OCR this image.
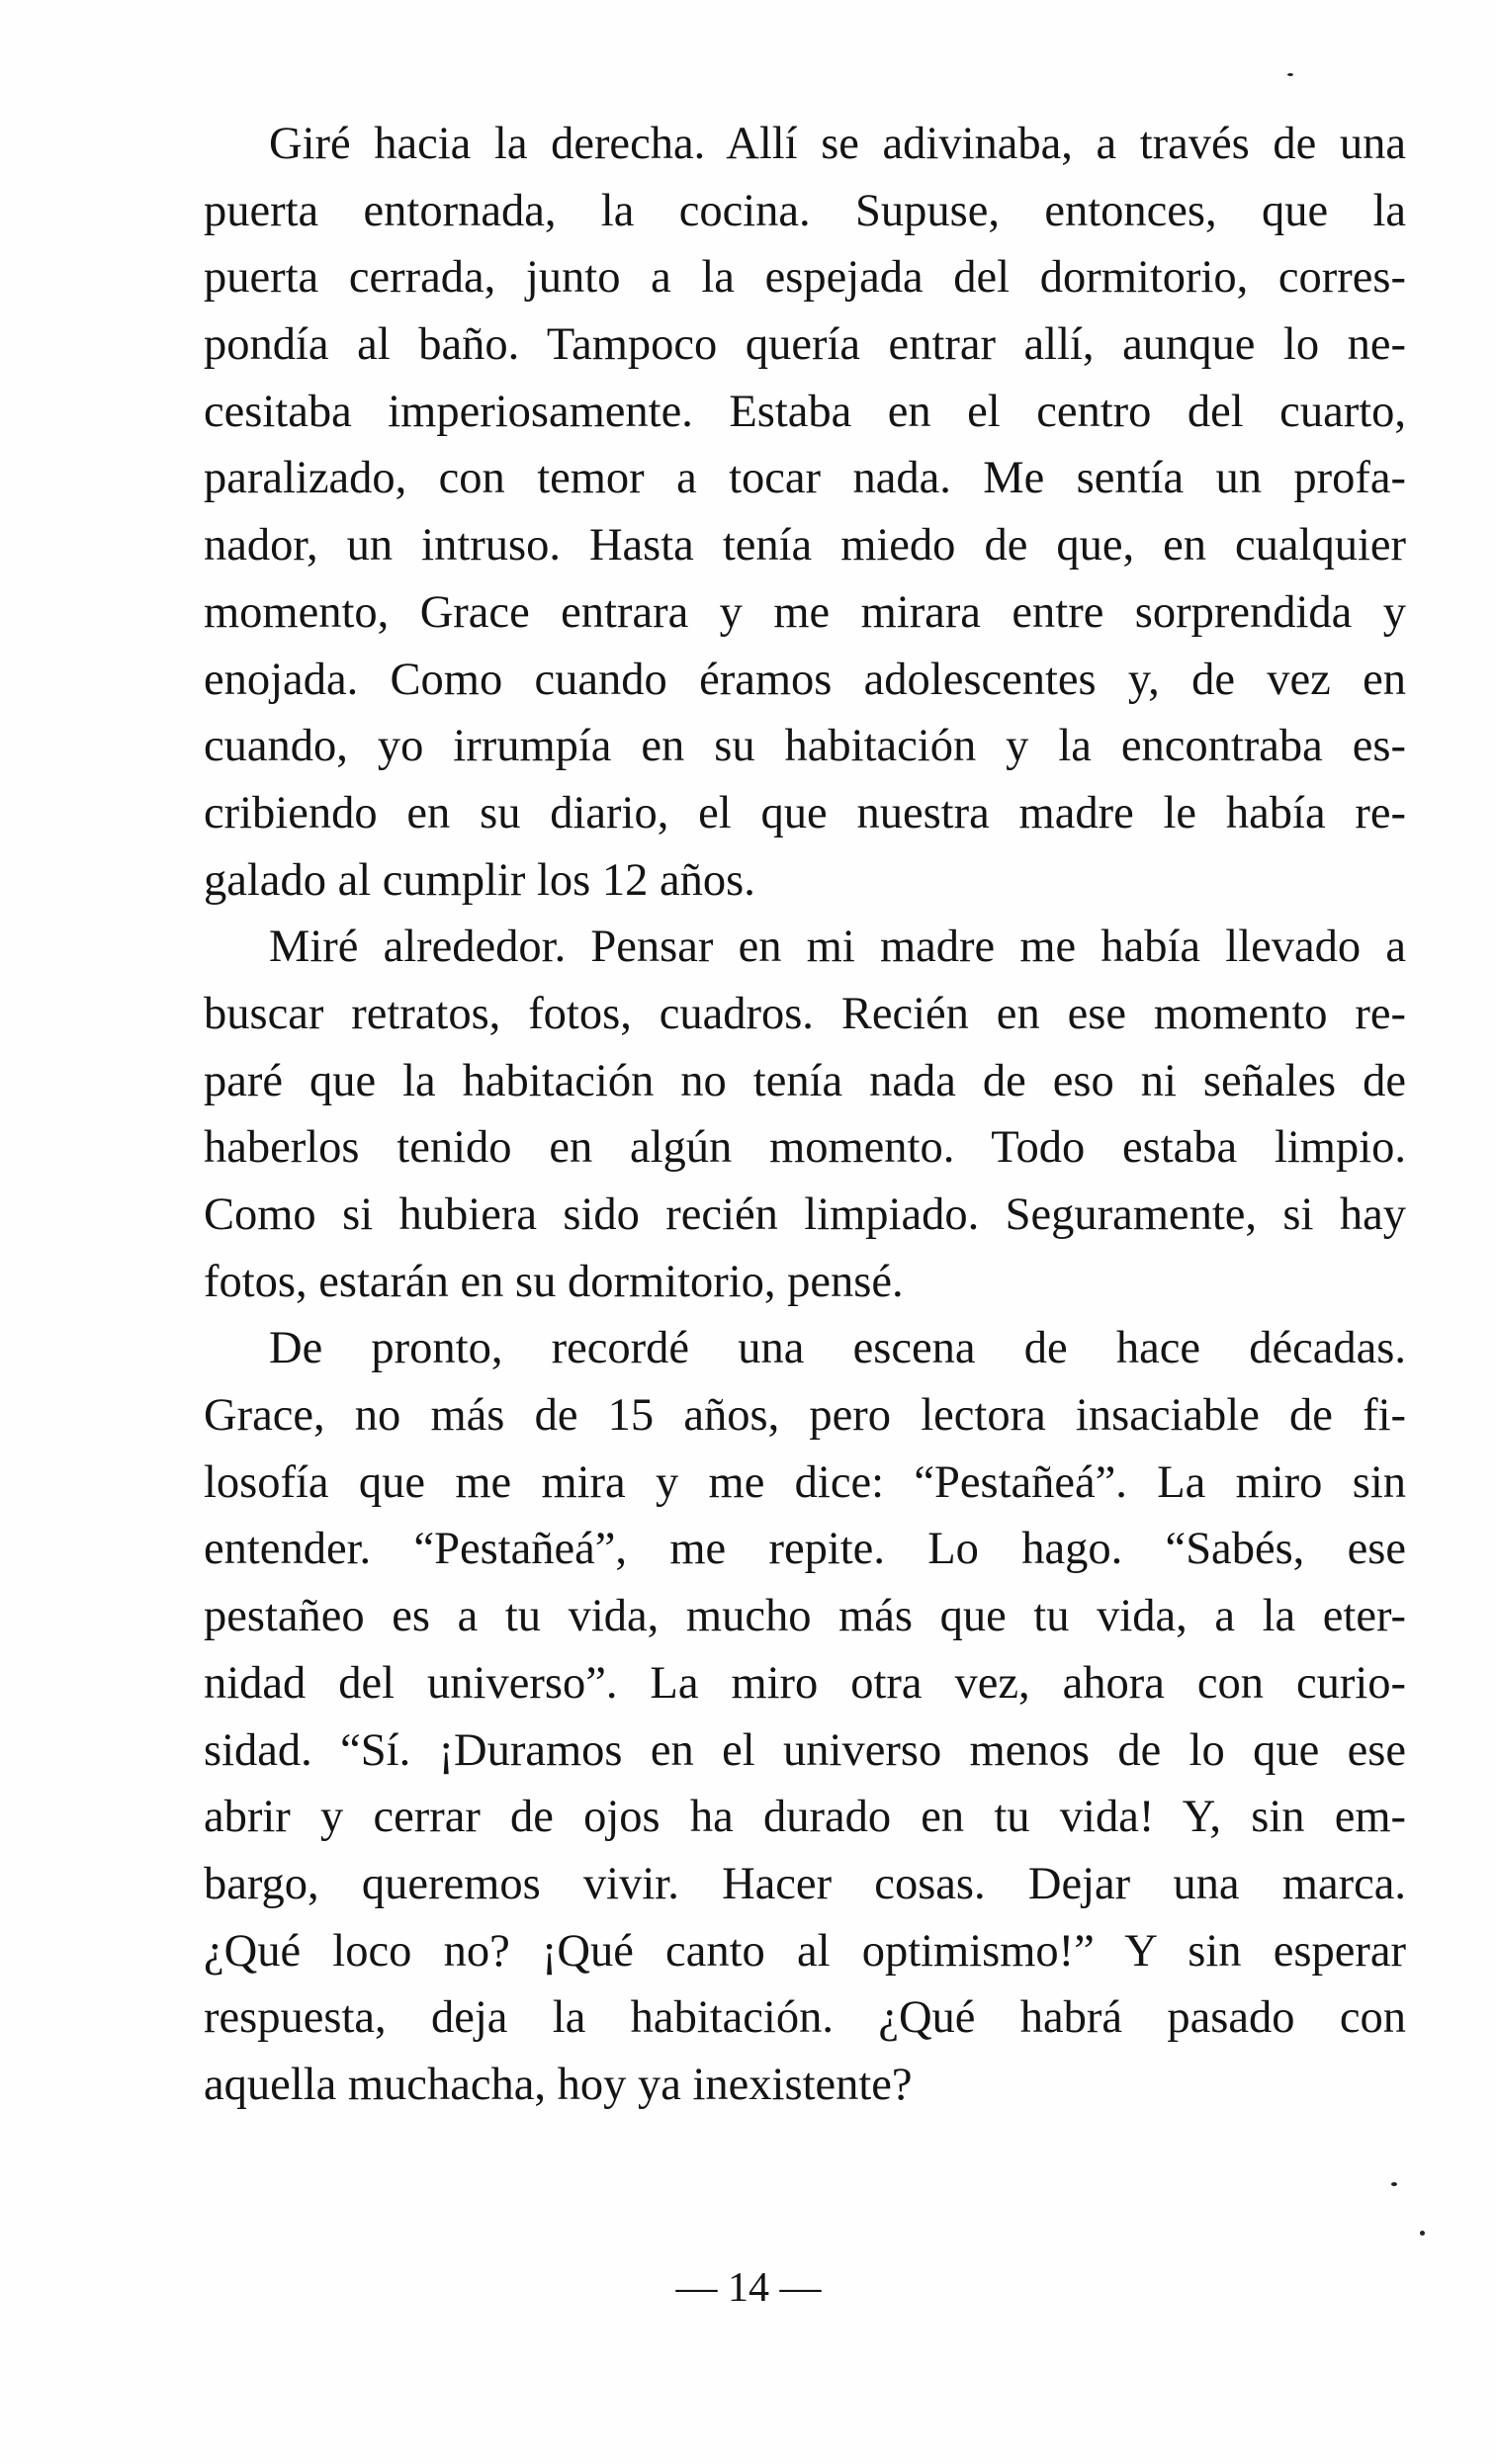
Giré hacia la derecha. Allí se adivinaba, a través de una
puerta entornada, la cocina. Supuse, entonces, que la
puerta cerrada, junto a la espejada del dormitorio, corres-
pondía al baño. Tampoco quería entrar allí, aunque lo ne-
cesitaba imperiosamente. Estaba en el centro del cuarto,
paralizado, con temor a tocar nada. Me sentía un profa-
nador, un intruso. Hasta tenía miedo de que, en cualquier
momento, Grace entrara y me mirara entre sorprendida y
enojada. Como cuando éramos adolescentes y, de vez en
cuando, yo irrumpía en su habitación y la encontraba es-
cribiendo en su diario, el que nuestra madre le había re-
galado al cumplir los 12 años.
Miré alrededor. Pensar en mi madre me había llevado a
buscar retratos, fotos, cuadros. Recién en ese momento re-
paré que la habitación no tenía nada de eso ni señales de
haberlos tenido en algún momento. Todo estaba limpio.
Como si hubiera sido recién limpiado. Seguramente, si hay
fotos, estarán en su dormitorio, pensé.
De pronto, recordé una escena de hace décadas.
Grace, no más de 15 años, pero lectora insaciable de fi-
losofía que me mira y me dice: “Pestañeá”. La miro sin
entender. “Pestañeá”, me repite. Lo hago. “Sabés, ese
pestañeo es a tu vida, mucho más que tu vida, a la eter-
nidad del universo”. La miro otra vez, ahora con curio-
sidad. “Sí. ¡Duramos en el universo menos de lo que ese
abrir y cerrar de ojos ha durado en tu vida! Y, sin em-
bargo, queremos vivir. Hacer cosas. Dejar una marca.
¿Qué loco no? ¡Qué canto al optimismo!” Y sin esperar
respuesta, deja la habitación. ¿Qué habrá pasado con
aquella muchacha, hoy ya inexistente?
— 14 —
